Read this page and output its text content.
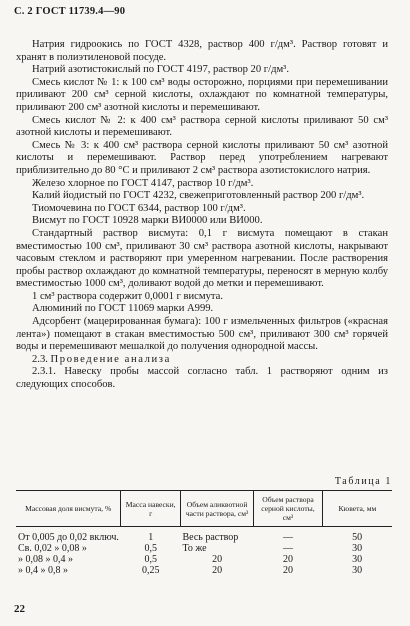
С. 2 ГОСТ 11739.4—90

Натрия гидроокись по ГОСТ 4328, раствор 400 г/дм³. Раствор готовят и хранят в полиэтиленовой посуде.

Натрий азотистокислый по ГОСТ 4197, раствор 20 г/дм³.

Смесь кислот № 1: к 100 см³ воды осторожно, порциями при перемешивании приливают 200 см³ серной кислоты, охлаждают по комнатной температуры, приливают 200 см³ азотной кислоты и перемешивают.

Смесь кислот № 2: к 400 см³ раствора серной кислоты приливают 50 см³ азотной кислоты и перемешивают.

Смесь № 3: к 400 см³ раствора серной кислоты приливают 50 см³ азотной кислоты и перемешивают. Раствор перед употреблением нагревают приблизительно до 80 °С и приливают 2 см³ раствора азотистокислого натрия.

Железо хлорное по ГОСТ 4147, раствор 10 г/дм³.

Калий йодистый по ГОСТ 4232, свежеприготовленный раствор 200 г/дм³.

Тиомочевина по ГОСТ 6344, раствор 100 г/дм³.

Висмут по ГОСТ 10928 марки ВИ0000 или ВИ000.

Стандартный раствор висмута: 0,1 г висмута помещают в стакан вместимостью 100 см³, приливают 30 см³ раствора азотной кислоты, накрывают часовым стеклом и растворяют при умеренном нагревании. После растворения пробы раствор охлаждают до комнатной температуры, переносят в мерную колбу вместимостью 1000 см³, доливают водой до метки и перемешивают.

1 см³ раствора содержит 0,0001 г висмута.

Алюминий по ГОСТ 11069 марки А999.

Адсорбент (мацерированная бумага): 100 г измельченных фильтров («красная лента») помещают в стакан вместимостью 500 см³, приливают 300 см³ горячей воды и перемешивают мешалкой до получения однородной массы.

2.3. Проведение анализа

2.3.1. Навеску пробы массой согласно табл. 1 растворяют одним из следующих способов.

Таблица 1
Массовая доля висмута, %	Масса навески, г	Объем аликвотной части раствора, см³	Объем раствора серной кислоты, см³	Кювета, мм
От 0,005 до 0,02 включ.	1	Весь раствор	—	50
Св. 0,02 » 0,08 »	0,5	То же	—	30
» 0,08 » 0,4 »	0,5	20	20	30
» 0,4 » 0,8 »	0,25	20	20	30
22
